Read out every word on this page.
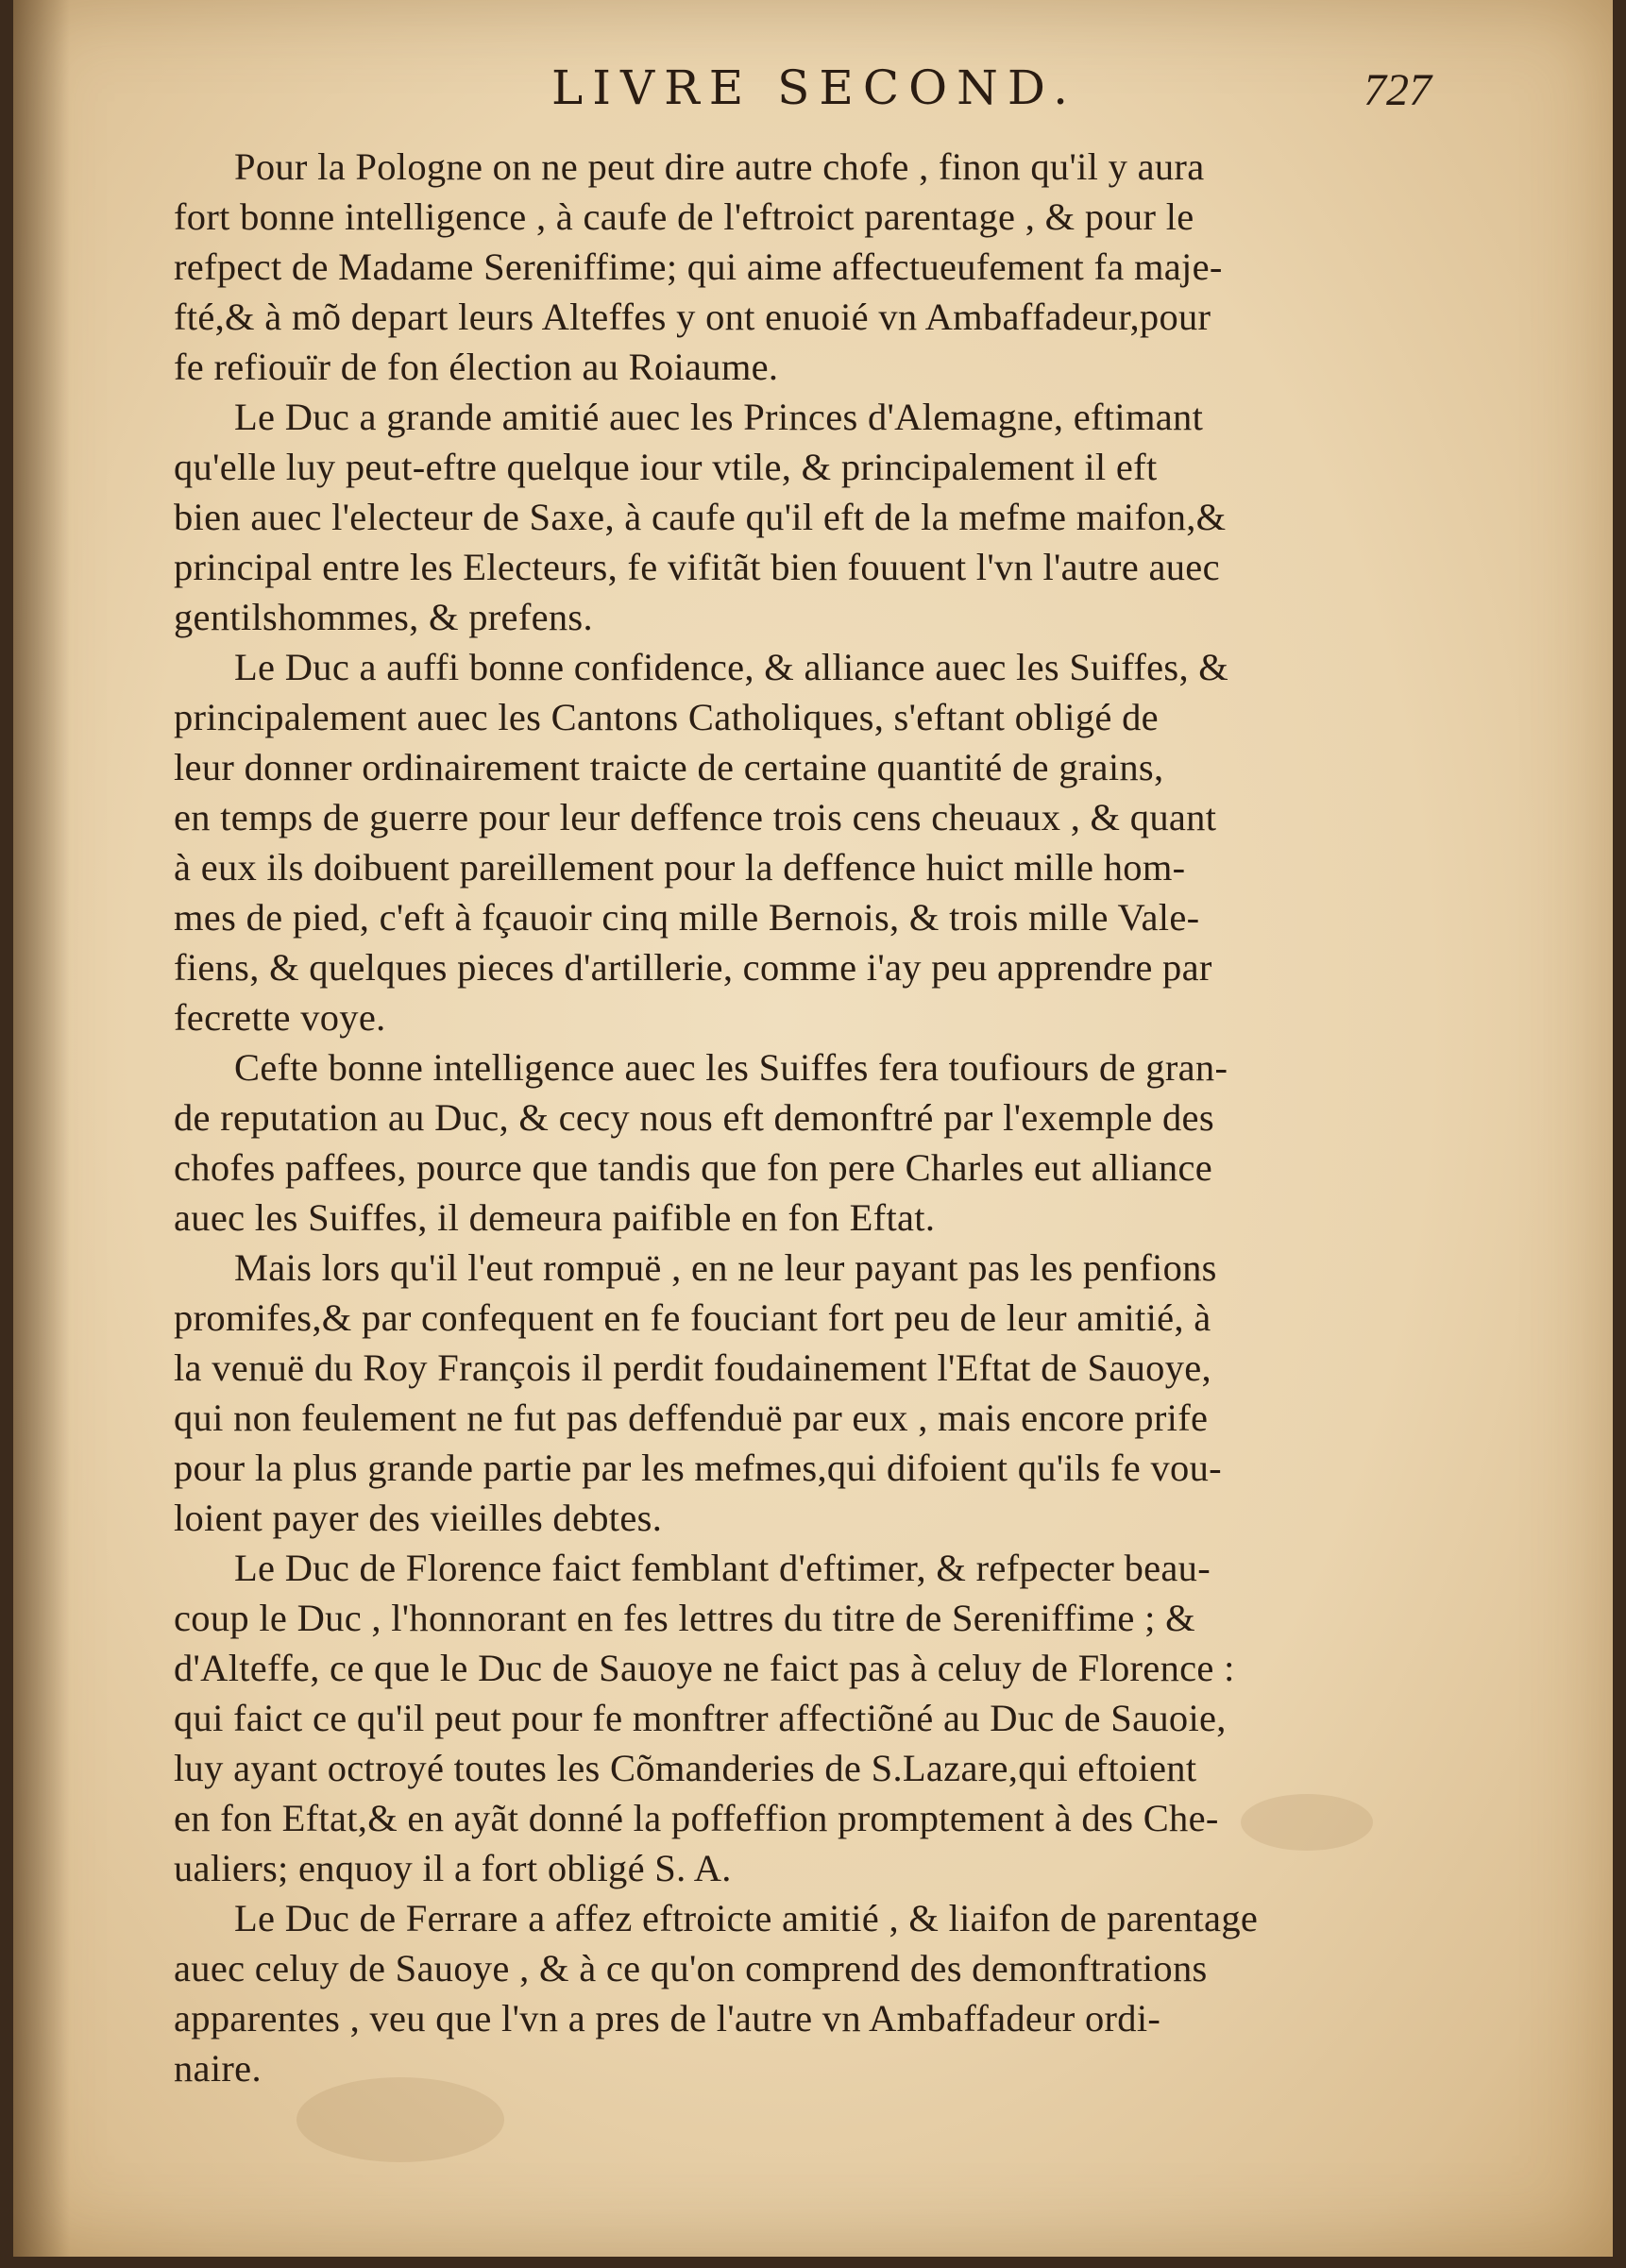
LIVRE SECOND.	727
Pour la Pologne on ne peut dire autre chofe , finon qu'il y aura
fort bonne intelligence , à caufe de l'eftroict parentage , & pour le
refpect de Madame Sereniffime; qui aime affectueufement fa maje-
fté,& à mõ depart leurs Alteffes y ont enuoié vn Ambaffadeur,pour
fe refiouïr de fon élection au Roiaume.
Le Duc a grande amitié auec les Princes d'Alemagne, eftimant
qu'elle luy peut-eftre quelque iour vtile, & principalement il eft
bien auec l'electeur de Saxe, à caufe qu'il eft de la mefme maifon,&
principal entre les Electeurs, fe vifitãt bien fouuent l'vn l'autre auec
gentilshommes, & prefens.
Le Duc a auffi bonne confidence, & alliance auec les Suiffes, &
principalement auec les Cantons Catholiques, s'eftant obligé de
leur donner ordinairement traicte de certaine quantité de grains,
en temps de guerre pour leur deffence trois cens cheuaux , & quant
à eux ils doibuent pareillement pour la deffence huict mille hom-
mes de pied, c'eft à fçauoir cinq mille Bernois, & trois mille Vale-
fiens, & quelques pieces d'artillerie, comme i'ay peu apprendre par
fecrette voye.
Cefte bonne intelligence auec les Suiffes fera toufiours de gran-
de reputation au Duc, & cecy nous eft demonftré par l'exemple des
chofes paffees, pource que tandis que fon pere Charles eut alliance
auec les Suiffes, il demeura paifible en fon Eftat.
Mais lors qu'il l'eut rompuë , en ne leur payant pas les penfions
promifes,& par confequent en fe fouciant fort peu de leur amitié, à
la venuë du Roy François il perdit foudainement l'Eftat de Sauoye,
qui non feulement ne fut pas deffenduë par eux , mais encore prife
pour la plus grande partie par les mefmes,qui difoient qu'ils fe vou-
loient payer des vieilles debtes.
Le Duc de Florence faict femblant d'eftimer, & refpecter beau-
coup le Duc , l'honnorant en fes lettres du titre de Sereniffime ; &
d'Alteffe, ce que le Duc de Sauoye ne faict pas à celuy de Florence :
qui faict ce qu'il peut pour fe monftrer affectiõné au Duc de Sauoie,
luy ayant octroyé toutes les Cõmanderies de S.Lazare,qui eftoient
en fon Eftat,& en ayãt donné la poffeffion promptement à des Che-
ualiers; enquoy il a fort obligé S. A.
Le Duc de Ferrare a affez eftroicte amitié , & liaifon de parentage
auec celuy de Sauoye , & à ce qu'on comprend des demonftrations
apparentes , veu que l'vn a pres de l'autre vn Ambaffadeur ordi-
naire.
